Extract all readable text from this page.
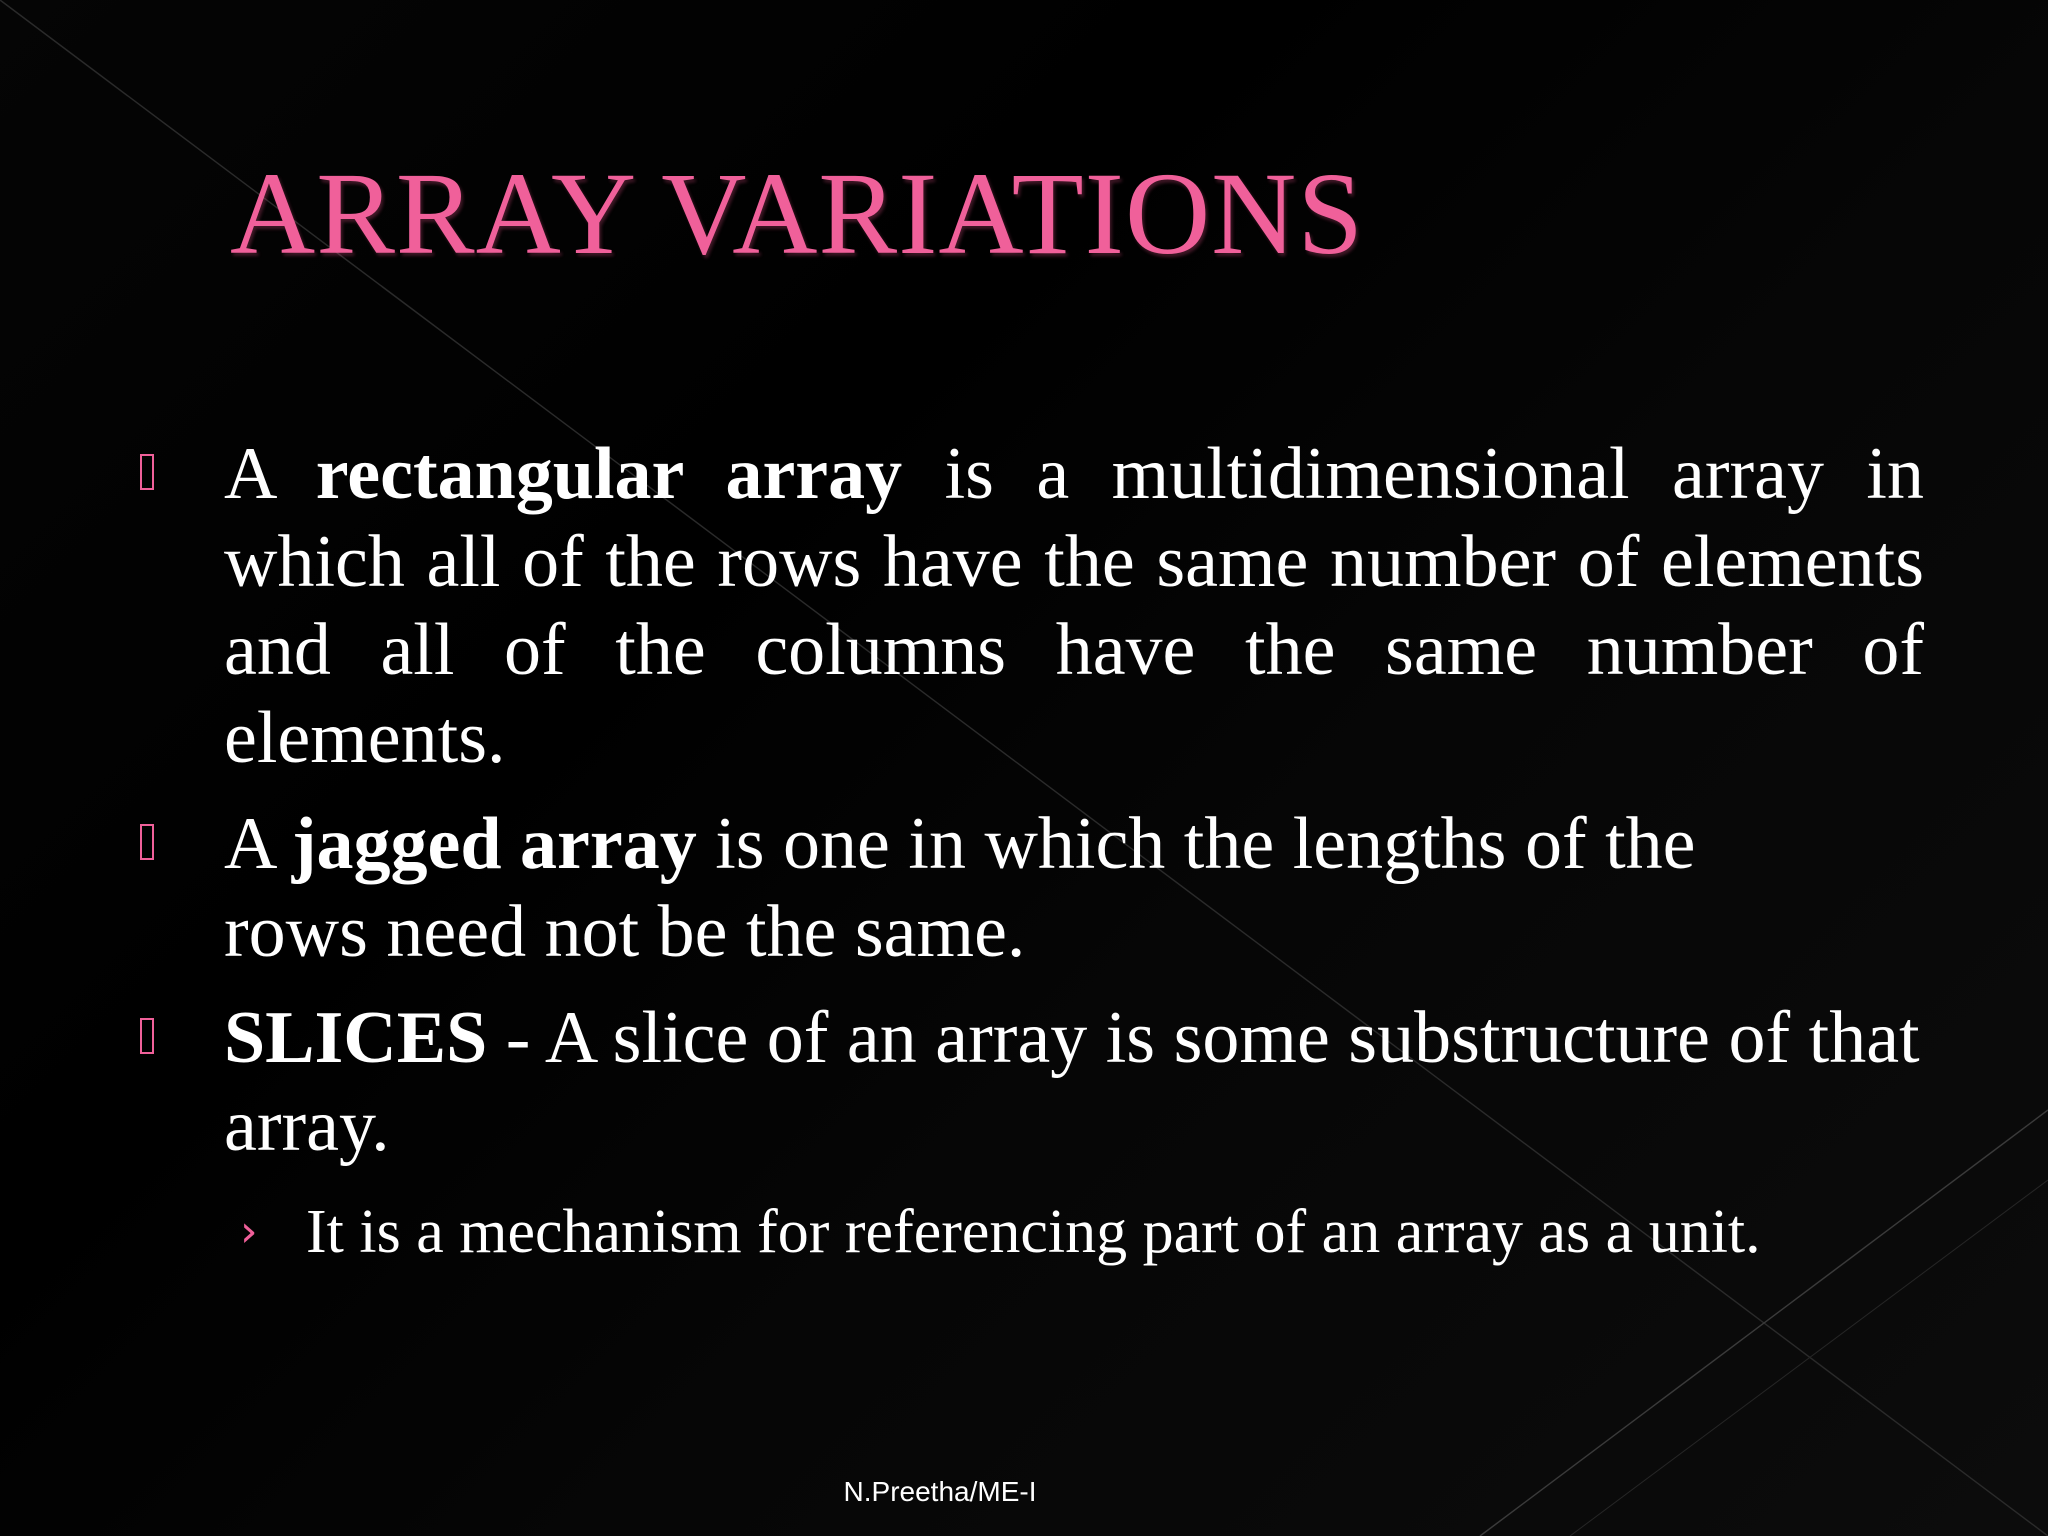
ARRAY VARIATIONS

A rectangular array is a multidimensional array in which all of the rows have the same number of elements and all of the columns have the same number of elements.

A jagged array is one in which the lengths of the rows need not be the same.

SLICES - A slice of an array is some substructure of that array.

› It is a mechanism for referencing part of an array as a unit.

N.Preetha/ME-I
